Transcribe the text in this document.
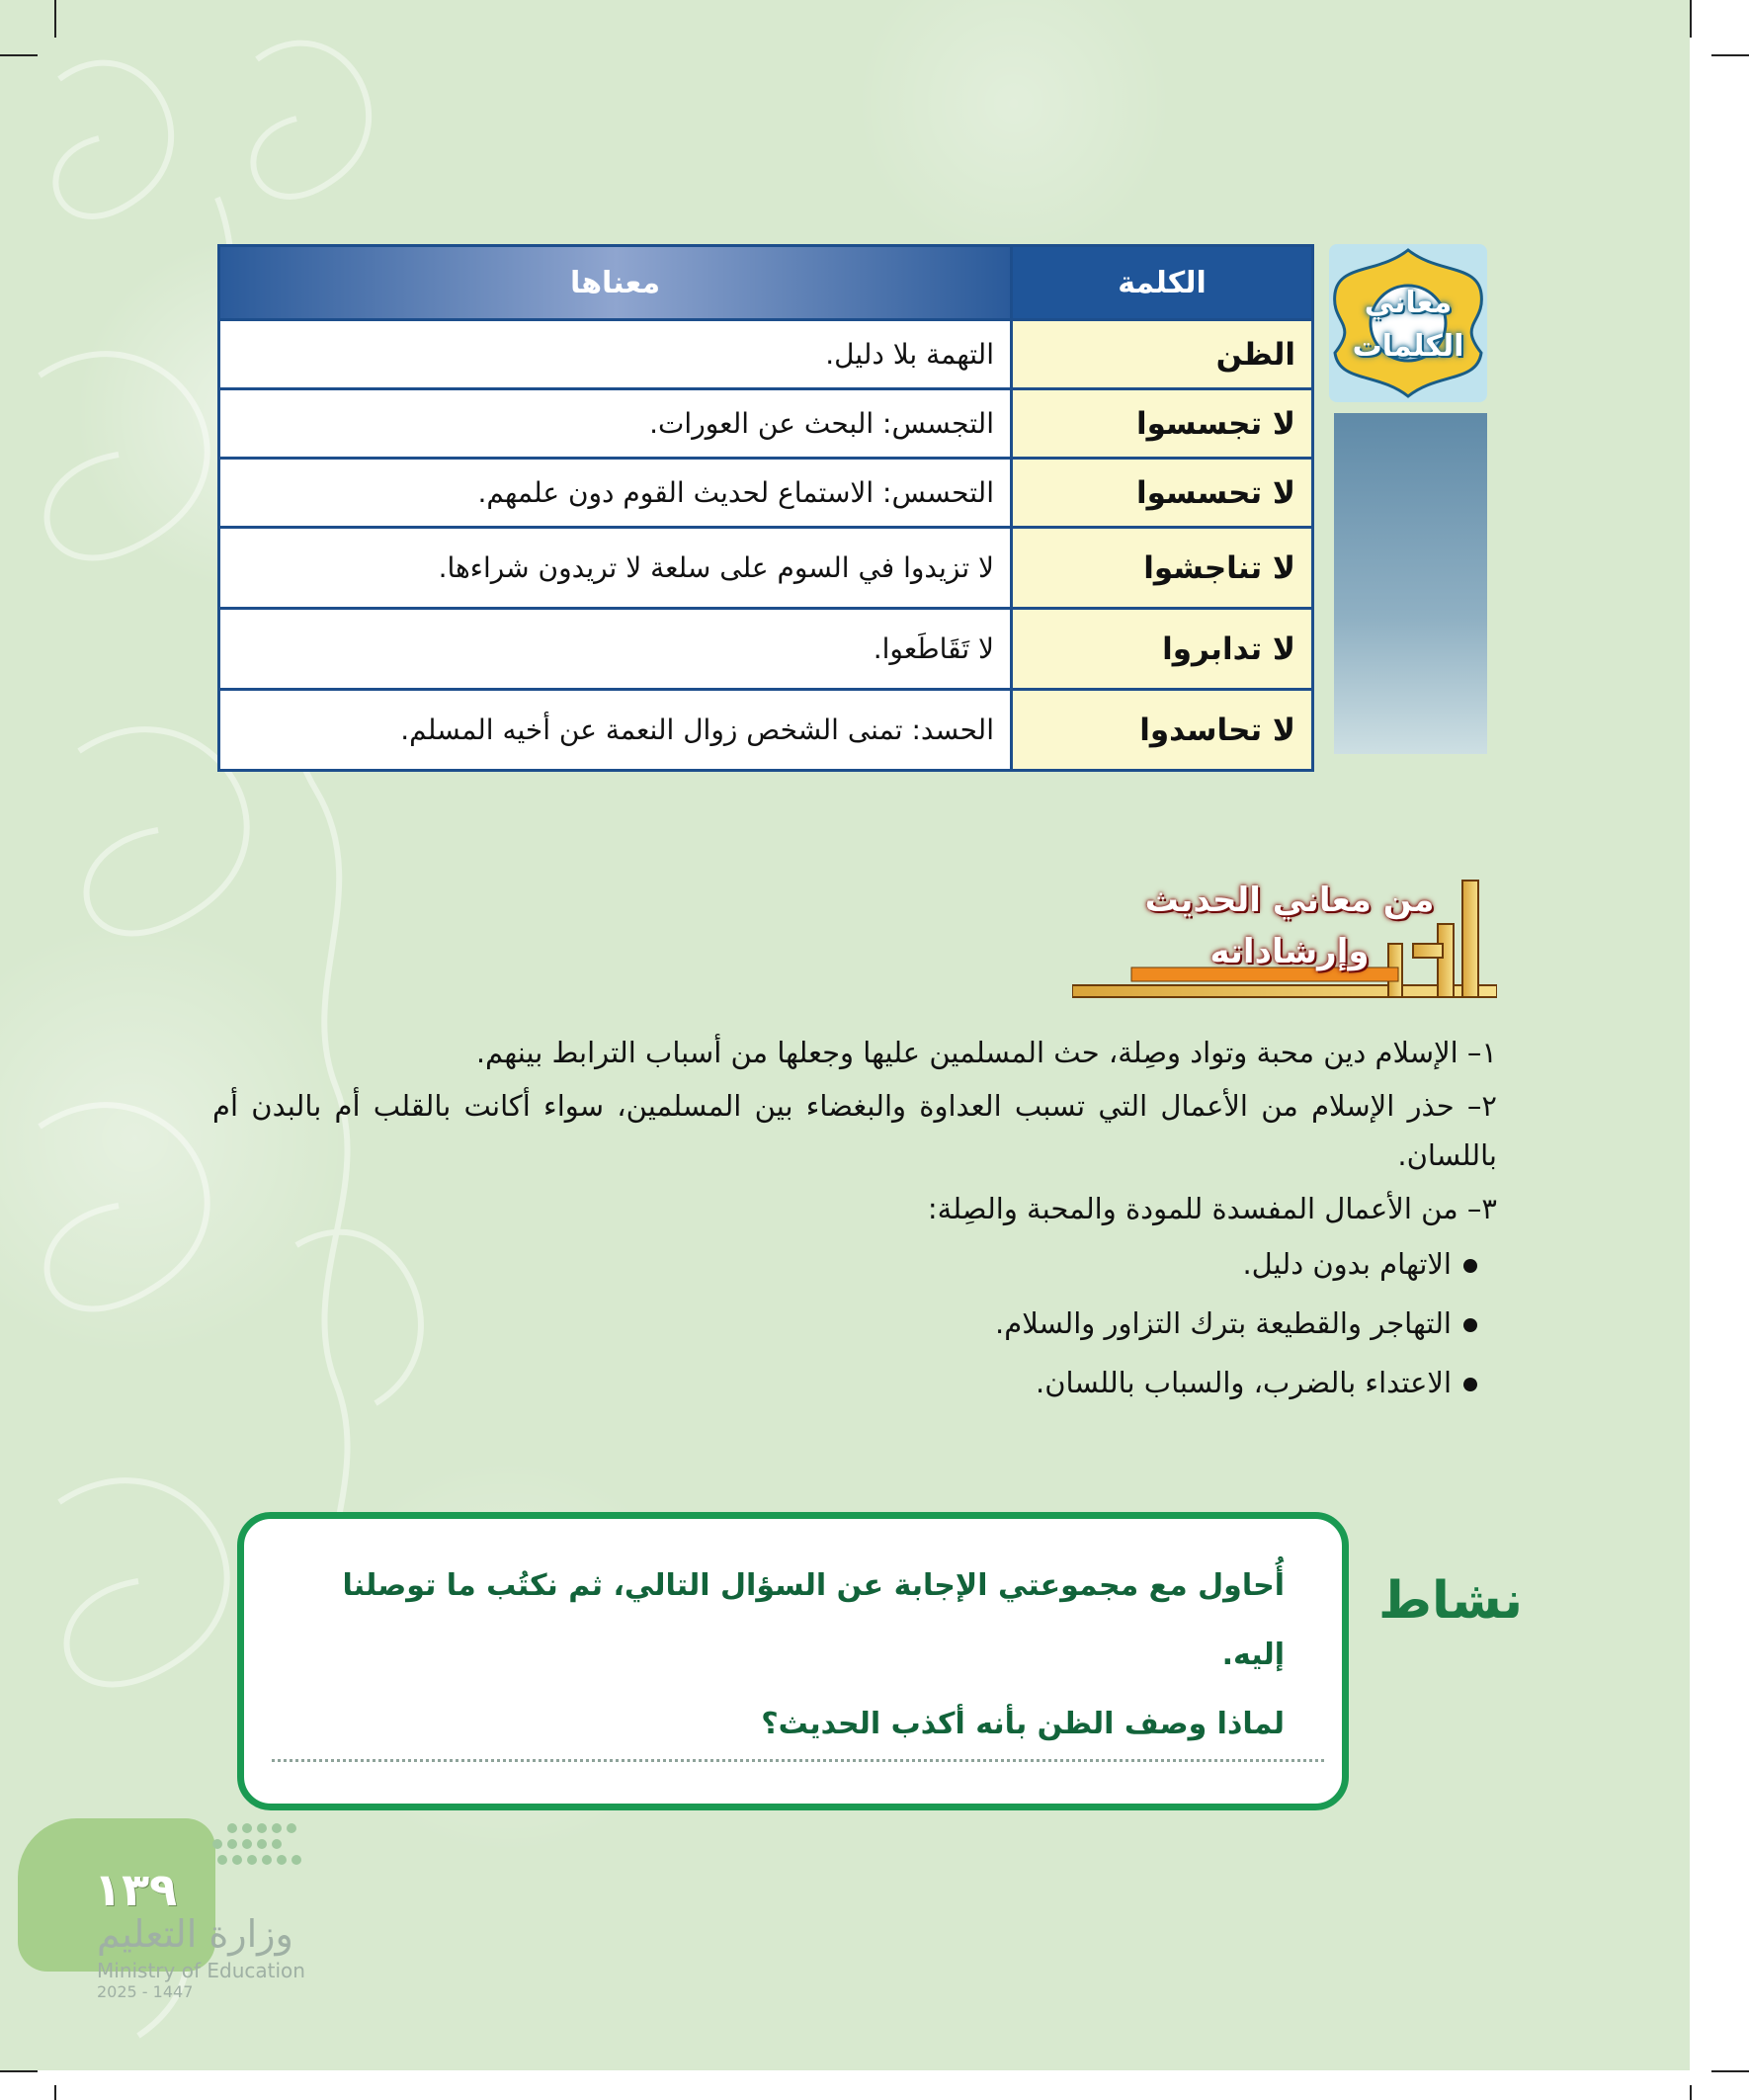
معاني
الكلمات
الكلمة	معناها
الظن	التهمة بلا دليل.
لا تجسسوا	التجسس: البحث عن العورات.
لا تحسسوا	التحسس: الاستماع لحديث القوم دون علمهم.
لا تناجشوا	لا تزيدوا في السوم على سلعة لا تريدون شراءها.
لا تدابروا	لا تَقَاطَعوا.
لا تحاسدوا	الحسد: تمنى الشخص زوال النعمة عن أخيه المسلم.
من معاني الحديث
وإرشاداته

١– الإسلام دين محبة وتواد وصِلة، حث المسلمين عليها وجعلها من أسباب الترابط بينهم.

٢– حذر الإسلام من الأعمال التي تسبب العداوة والبغضاء بين المسلمين، سواء أكانت بالقلب أم بالبدن أم باللسان.

٣– من الأعمال المفسدة للمودة والمحبة والصِلة:

الاتهام بدون دليل.
التهاجر والقطيعة بترك التزاور والسلام.
الاعتداء بالضرب، والسباب باللسان.
أُحاول مع مجموعتي الإجابة عن السؤال التالي، ثم نكتُب ما توصلنا إليه.
لماذا وصف الظن بأنه أكذب الحديث؟
نشاط
١٣٩
وزارة التعليم
Ministry of Education
2025 - 1447
